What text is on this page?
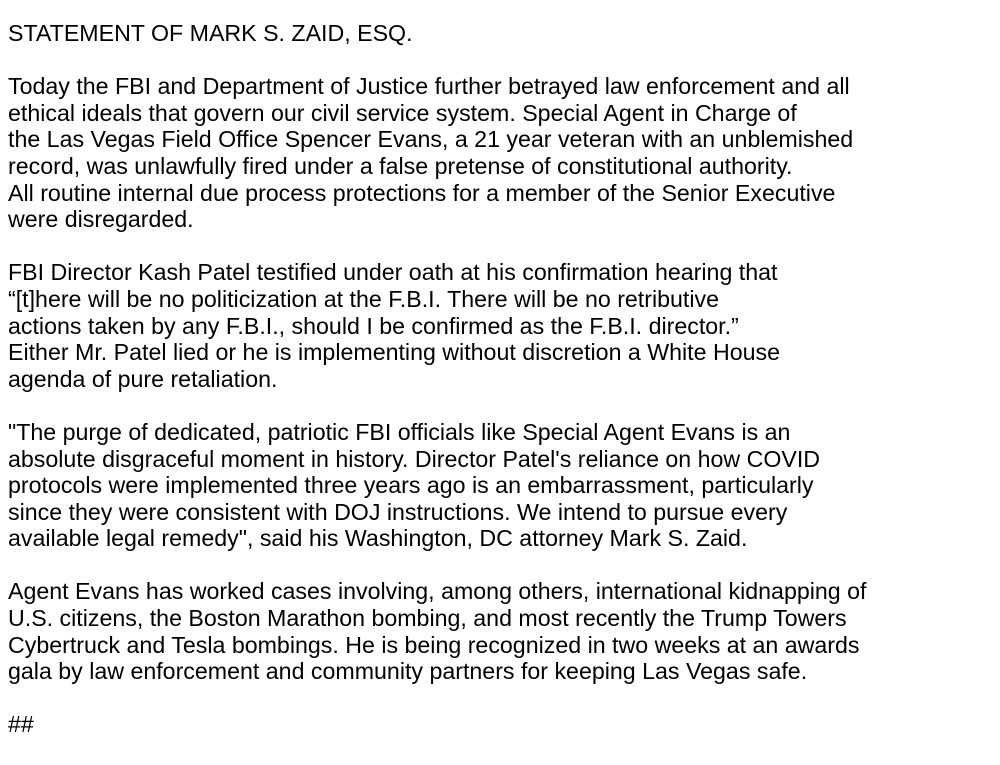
STATEMENT OF MARK S. ZAID, ESQ.

Today the FBI and Department of Justice further betrayed law enforcement and all
ethical ideals that govern our civil service system. Special Agent in Charge of
the Las Vegas Field Office Spencer Evans, a 21 year veteran with an unblemished
record, was unlawfully fired under a false pretense of constitutional authority.
All routine internal due process protections for a member of the Senior Executive
were disregarded.

FBI Director Kash Patel testified under oath at his confirmation hearing that
“[t]here will be no politicization at the F.B.I. There will be no retributive
actions taken by any F.B.I., should I be confirmed as the F.B.I. director.”
Either Mr. Patel lied or he is implementing without discretion a White House
agenda of pure retaliation.

"The purge of dedicated, patriotic FBI officials like Special Agent Evans is an
absolute disgraceful moment in history. Director Patel's reliance on how COVID
protocols were implemented three years ago is an embarrassment, particularly
since they were consistent with DOJ instructions. We intend to pursue every
available legal remedy", said his Washington, DC attorney Mark S. Zaid.

Agent Evans has worked cases involving, among others, international kidnapping of
U.S. citizens, the Boston Marathon bombing, and most recently the Trump Towers
Cybertruck and Tesla bombings. He is being recognized in two weeks at an awards
gala by law enforcement and community partners for keeping Las Vegas safe.

##
